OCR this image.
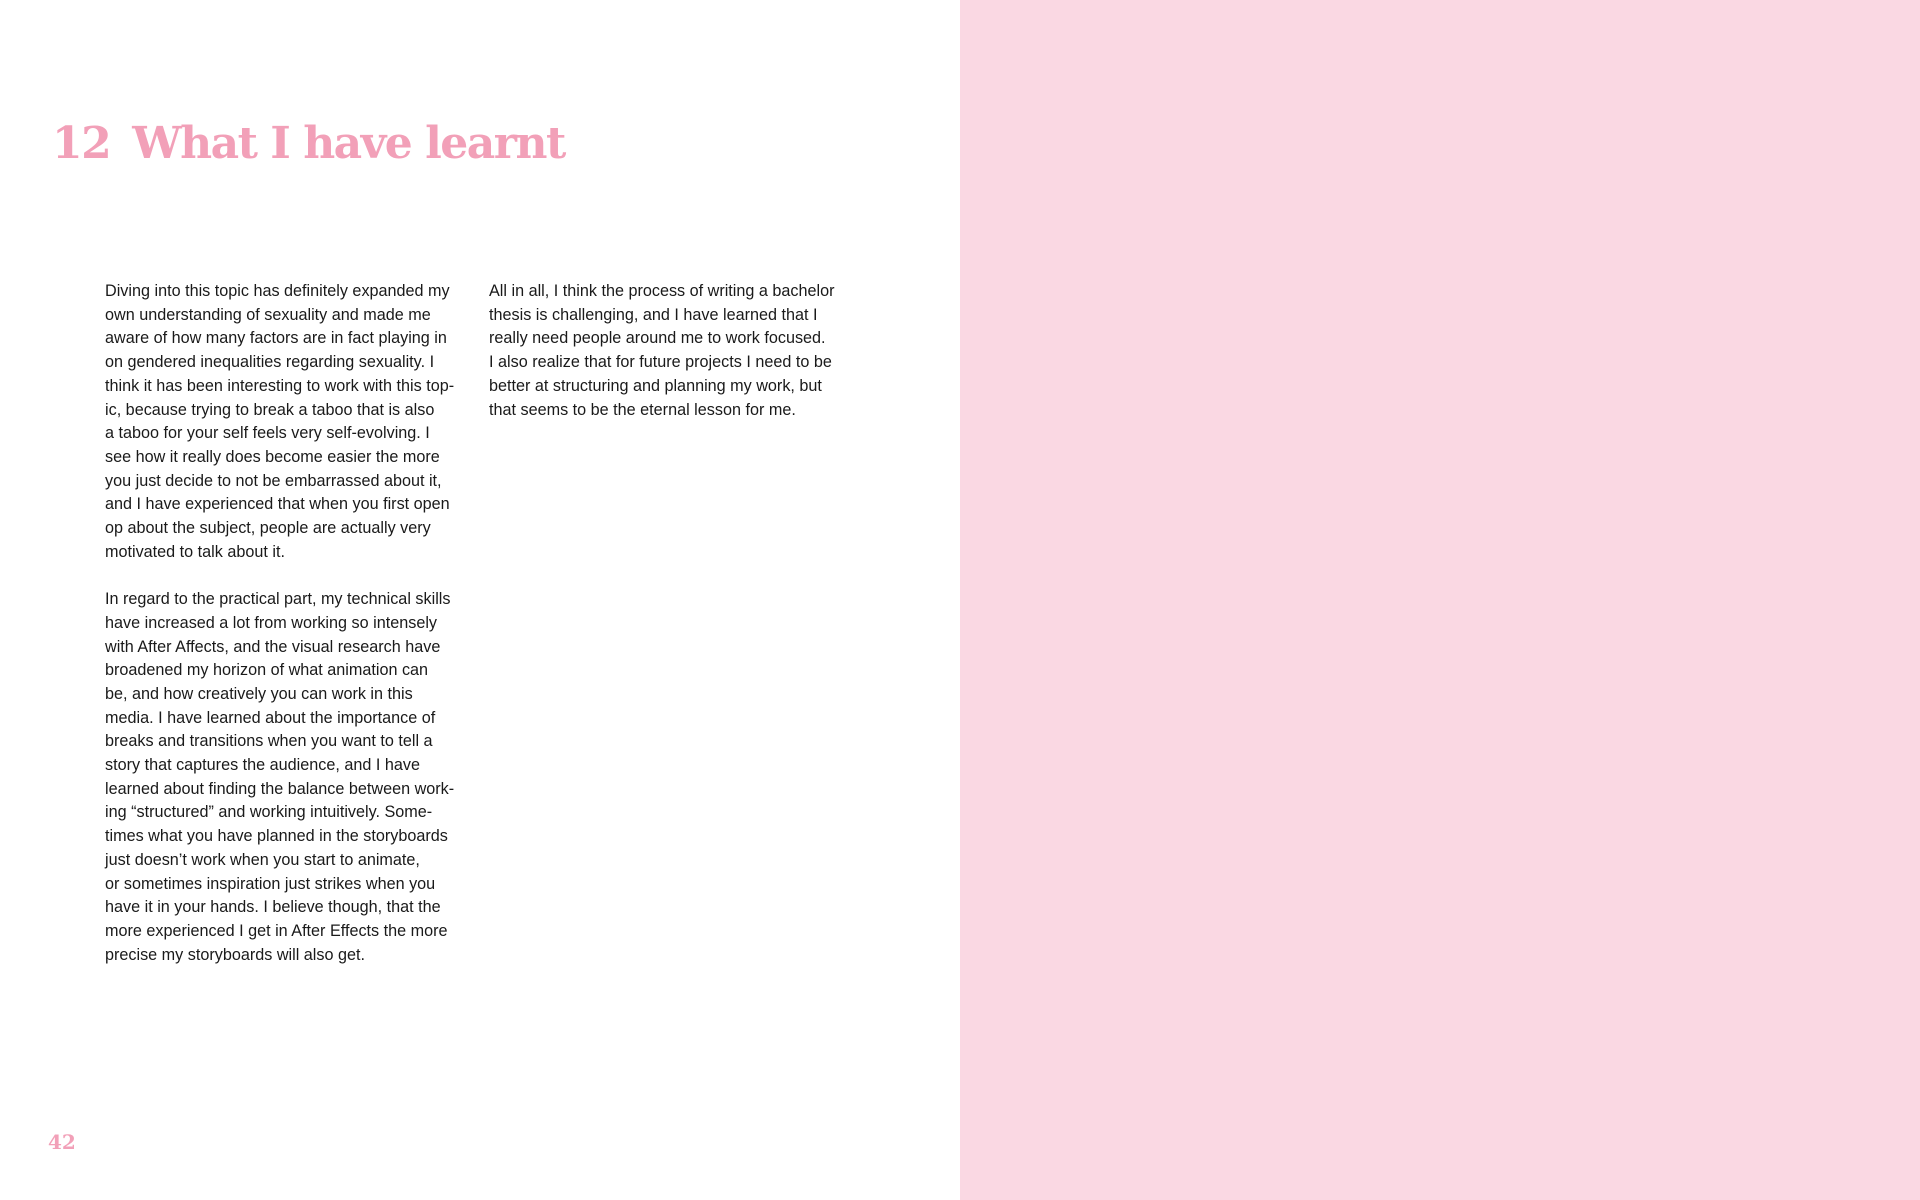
12 What I have learnt

Diving into this topic has definitely expanded my
own understanding of sexuality and made me
aware of how many factors are in fact playing in
on gendered inequalities regarding sexuality. I
think it has been interesting to work with this top-
ic, because trying to break a taboo that is also
a taboo for your self feels very self-evolving. I
see how it really does become easier the more
you just decide to not be embarrassed about it,
and I have experienced that when you first open
op about the subject, people are actually very
motivated to talk about it.

In regard to the practical part, my technical skills
have increased a lot from working so intensely
with After Affects, and the visual research have
broadened my horizon of what animation can
be, and how creatively you can work in this
media. I have learned about the importance of
breaks and transitions when you want to tell a
story that captures the audience, and I have
learned about finding the balance between work-
ing “structured” and working intuitively. Some-
times what you have planned in the storyboards
just doesn’t work when you start to animate,
or sometimes inspiration just strikes when you
have it in your hands. I believe though, that the
more experienced I get in After Effects the more
precise my storyboards will also get.

All in all, I think the process of writing a bachelor
thesis is challenging, and I have learned that I
really need people around me to work focused.
I also realize that for future projects I need to be
better at structuring and planning my work, but
that seems to be the eternal lesson for me.

42
